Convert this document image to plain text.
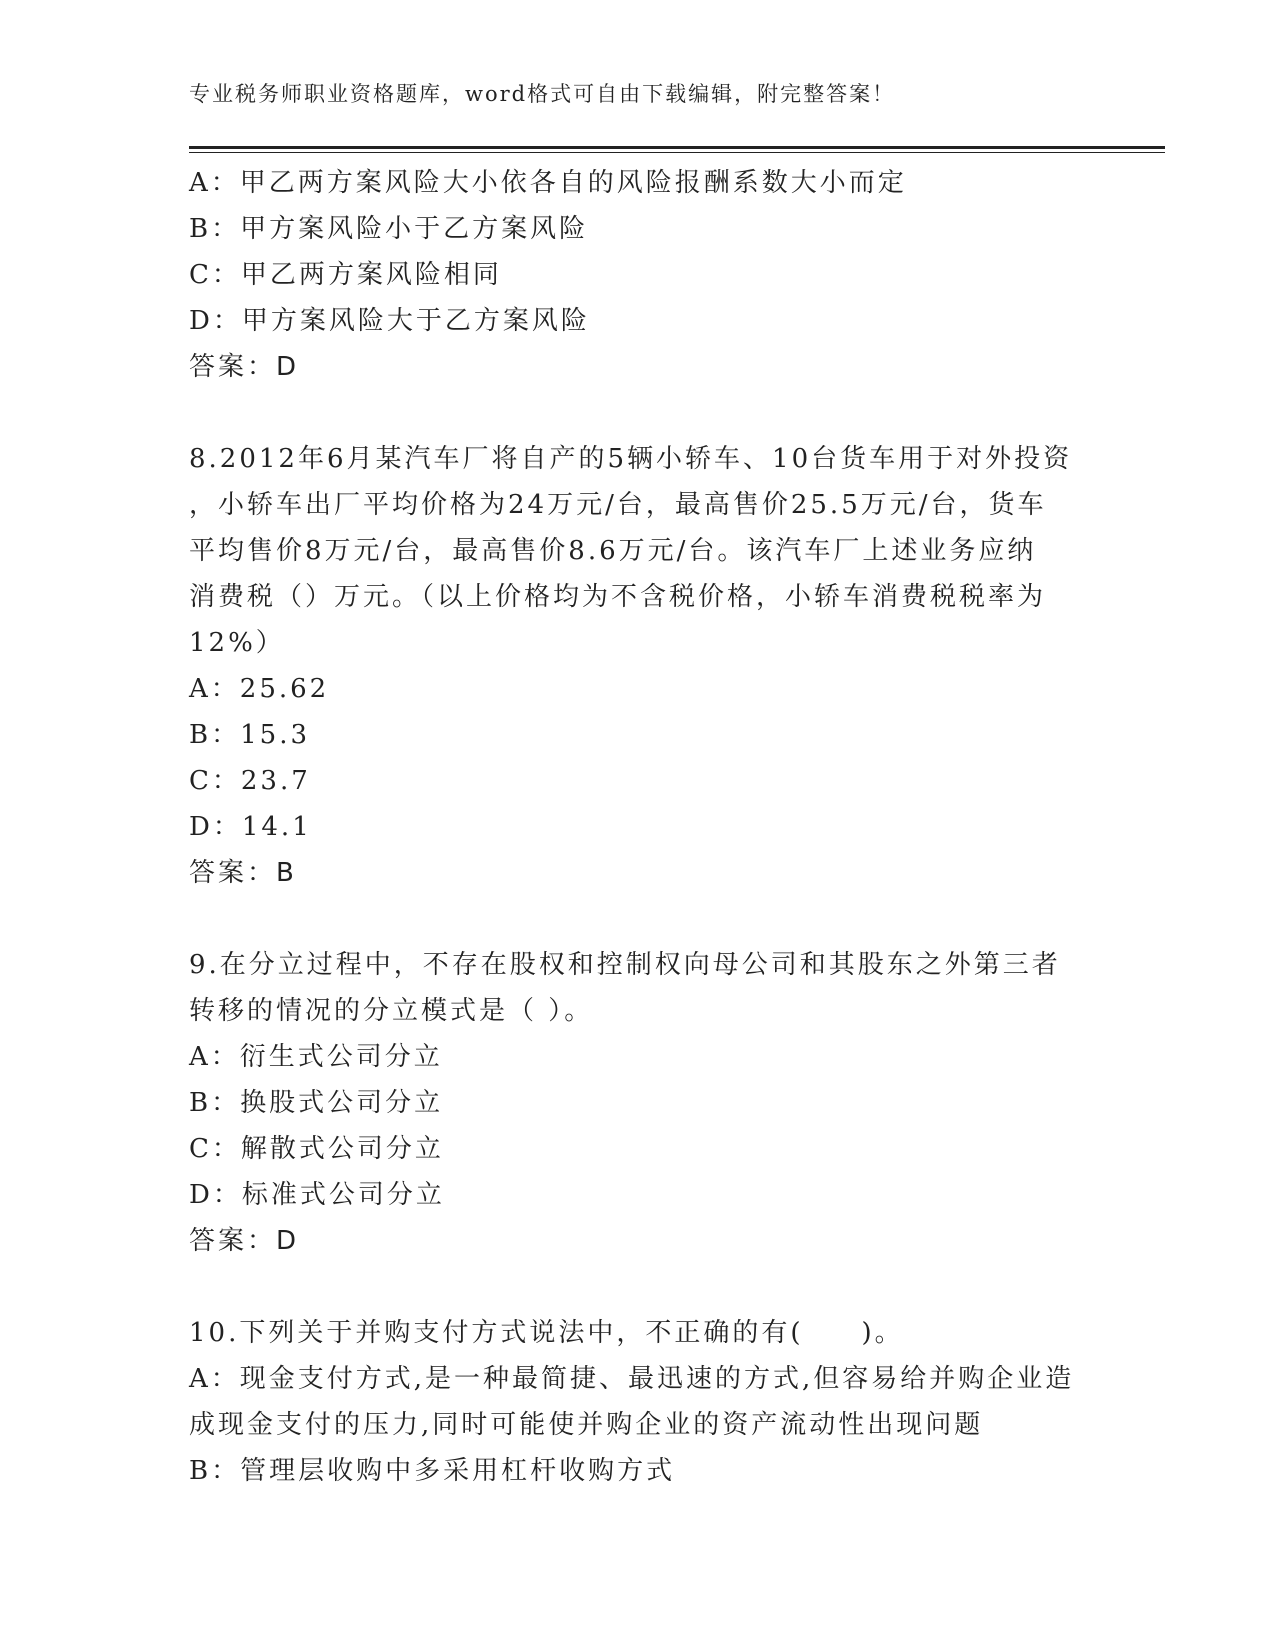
专业税务师职业资格题库，word格式可自由下载编辑，附完整答案！
A：甲乙两方案风险大小依各自的风险报酬系数大小而定
B：甲方案风险小于乙方案风险
C：甲乙两方案风险相同
D：甲方案风险大于乙方案风险
答案：D
8.2012年6月某汽车厂将自产的5辆小轿车、10台货车用于对外投资
，小轿车出厂平均价格为24万元/台，最高售价25.5万元/台，货车
平均售价8万元/台，最高售价8.6万元/台。该汽车厂上述业务应纳
消费税（）万元。（以上价格均为不含税价格，小轿车消费税税率为
12%）
A：25.62
B：15.3
C：23.7
D：14.1
答案：B
9.在分立过程中，不存在股权和控制权向母公司和其股东之外第三者
转移的情况的分立模式是（ ）。
A：衍生式公司分立
B：换股式公司分立
C：解散式公司分立
D：标准式公司分立
答案：D
10.下列关于并购支付方式说法中，不正确的有(　　)。
A：现金支付方式,是一种最简捷、最迅速的方式,但容易给并购企业造
成现金支付的压力,同时可能使并购企业的资产流动性出现问题
B：管理层收购中多采用杠杆收购方式
